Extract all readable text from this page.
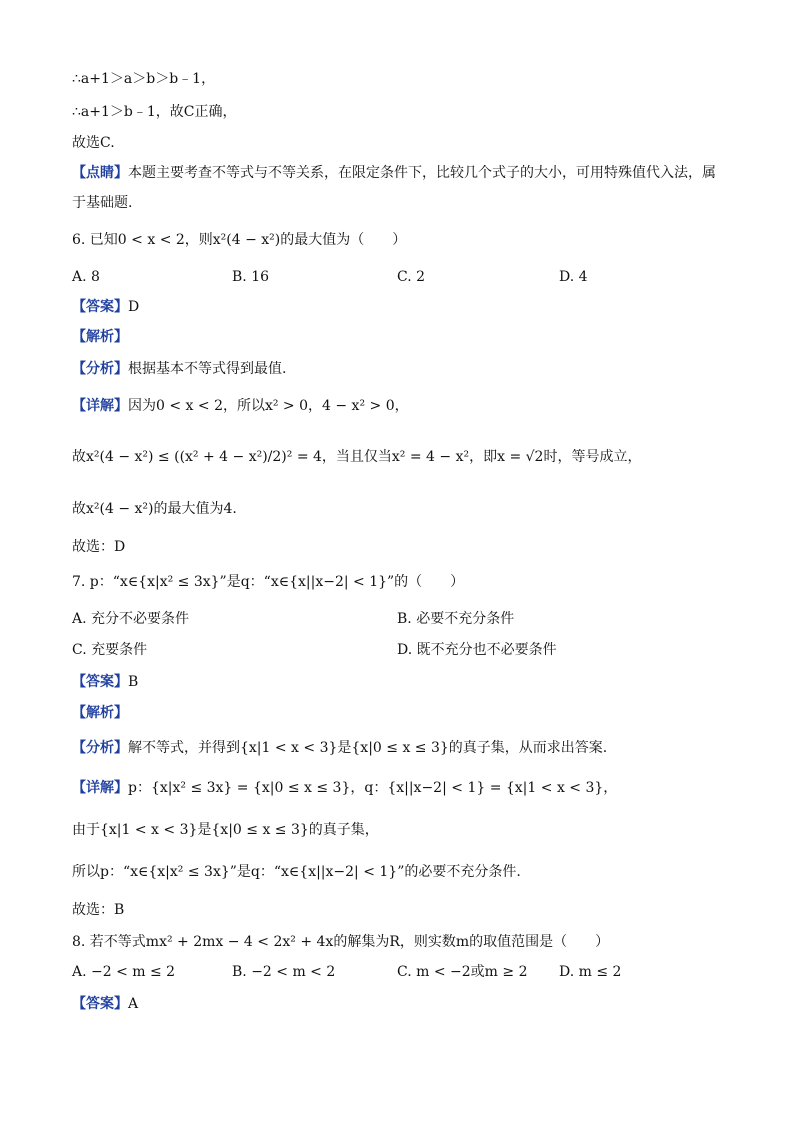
∴a+1＞a＞b＞b﹣1，
∴a+1＞b﹣1，故C正确，
故选C.
【点睛】本题主要考查不等式与不等关系，在限定条件下，比较几个式子的大小，可用特殊值代入法，属
于基础题.
6. 已知0 < x < 2，则x²(4 − x²)的最大值为（　　）
A. 8	B. 16	C. 2	D. 4
【答案】D
【解析】
【分析】根据基本不等式得到最值.
【详解】因为0 < x < 2，所以x² > 0，4 − x² > 0，
故x²(4 − x²) ≤ ((x² + 4 − x²)/2)² = 4，当且仅当x² = 4 − x²，即x = √2时，等号成立，
故x²(4 − x²)的最大值为4.
故选：D
7. p：“x∈{x|x² ≤ 3x}”是q：“x∈{x||x−2| < 1}”的（　　）
A. 充分不必要条件	B. 必要不充分条件
C. 充要条件	D. 既不充分也不必要条件
【答案】B
【解析】
【分析】解不等式，并得到{x|1 < x < 3}是{x|0 ≤ x ≤ 3}的真子集，从而求出答案.
【详解】p：{x|x² ≤ 3x} = {x|0 ≤ x ≤ 3}，q：{x||x−2| < 1} = {x|1 < x < 3}，
由于{x|1 < x < 3}是{x|0 ≤ x ≤ 3}的真子集，
所以p：“x∈{x|x² ≤ 3x}”是q：“x∈{x||x−2| < 1}”的必要不充分条件.
故选：B
8. 若不等式mx² + 2mx − 4 < 2x² + 4x的解集为R，则实数m的取值范围是（　　）
A. −2 < m ≤ 2	B. −2 < m < 2	C. m < −2或m ≥ 2 D. m ≤ 2
【答案】A
